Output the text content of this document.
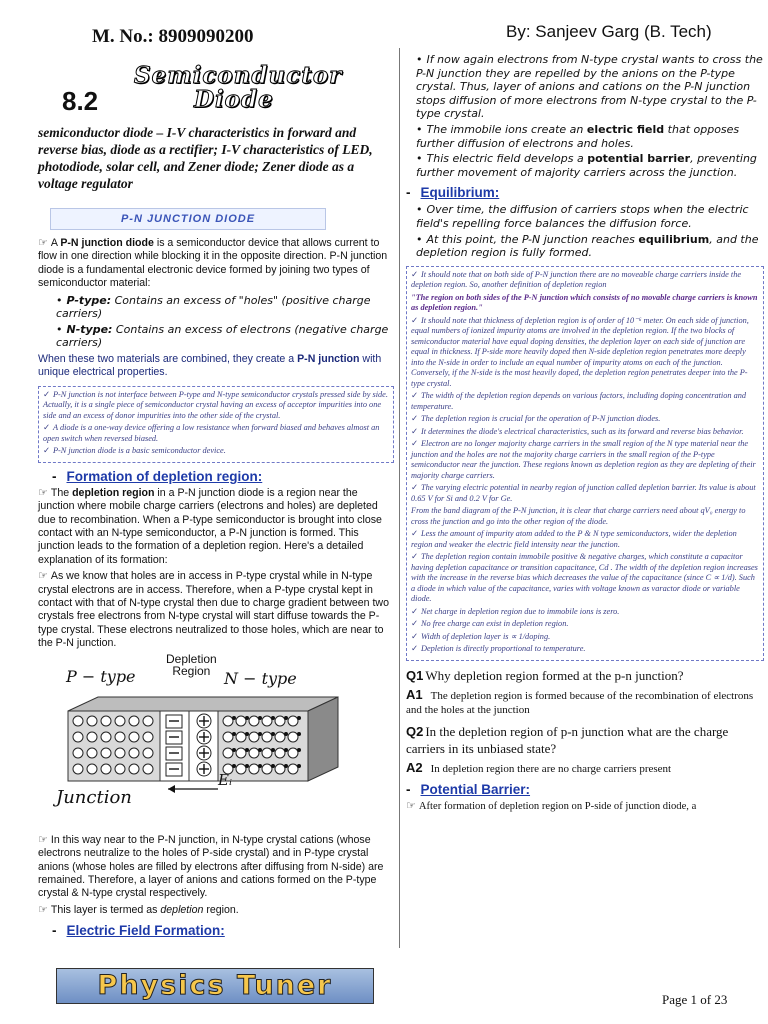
M. No.: 8909090200	By: Sanjeev Garg (B. Tech)
8.2
Semiconductor
Diode
semiconductor diode – I-V characteristics in forward and reverse bias, diode as a rectifier; I-V characteristics of LED, photodiode, solar cell, and Zener diode; Zener diode as a voltage regulator
P-N JUNCTION DIODE

☞ A P-N junction diode is a semiconductor device that allows current to flow in one direction while blocking it in the opposite direction. P-N junction diode is a fundamental electronic device formed by joining two types of semiconductor material:

• P-type: Contains an excess of "holes" (positive charge carriers)
• N-type: Contains an excess of electrons (negative charge carriers)

When these two materials are combined, they create a P-N junction with unique electrical properties.

✓ P-N junction is not interface between P-type and N-type semiconductor crystals pressed side by side. Actually, it is a single piece of semiconductor crystal having an excess of acceptor impurities into one side and an excess of donor impurities into the other side of the crystal.

✓ A diode is a one-way device offering a low resistance when forward biased and behaves almost an open switch when reversed biased.

✓ P-N junction diode is a basic semiconductor device.

- Formation of depletion region:

☞ The depletion region in a P-N junction diode is a region near the junction where mobile charge carriers (electrons and holes) are depleted due to recombination. When a P-type semiconductor is brought into close contact with an N-type semiconductor, a P-N junction is formed. This junction leads to the formation of a depletion region. Here's a detailed explanation of its formation:

☞ As we know that holes are in access in P-type crystal while in N-type crystal electrons are in access. Therefore, when a P-type crystal kept in contact with that of N-type crystal then due to charge gradient between two crystals free electrons from N-type crystal will start diffuse towards the P-type crystal. These electrons neutralized to those holes, which are near to the P-N junction.

Depletion
Region
P − type	N − type
Junction
Eᵢ

☞ In this way near to the P-N junction, in N-type crystal cations (whose electrons neutralize to the holes of P-side crystal) and in P-type crystal anions (whose holes are filled by electrons after diffusing from N-side) are remained. Therefore, a layer of anions and cations formed on the P-type crystal & N-type crystal respectively.

☞ This layer is termed as depletion region.

- Electric Field Formation:
• If now again electrons from N-type crystal wants to cross the P-N junction they are repelled by the anions on the P-type crystal. Thus, layer of anions and cations on the P-N junction stops diffusion of more electrons from N-type crystal to the P-type crystal.
• The immobile ions create an electric field that opposes further diffusion of electrons and holes.
• This electric field develops a potential barrier, preventing further movement of majority carriers across the junction.
- Equilibrium:
• Over time, the diffusion of carriers stops when the electric field's repelling force balances the diffusion force.
• At this point, the P-N junction reaches equilibrium, and the depletion region is fully formed.

✓ It should note that on both side of P-N junction there are no moveable charge carriers inside the depletion region. So, another definition of depletion region

"The region on both sides of the P-N junction which consists of no movable charge carriers is known as depletion region."

✓ It should note that thickness of depletion region is of order of 10⁻⁶ meter. On each side of junction, equal numbers of ionized impurity atoms are involved in the depletion region. If the two blocks of semiconductor material have equal doping densities, the depletion layer on each side of junction are equal in thickness. If P-side more heavily doped then N-side depletion region penetrates more deeply into the N-side in order to include an equal number of impurity atoms on each of the junction. Conversely, if the N-side is the most heavily doped, the depletion region penetrates deeper into the P-type crystal.

✓ The width of the depletion region depends on various factors, including doping concentration and temperature.

✓ The depletion region is crucial for the operation of P-N junction diodes.

✓ It determines the diode's electrical characteristics, such as its forward and reverse bias behavior.

✓ Electron are no longer majority charge carriers in the small region of the N type material near the junction and the holes are not the majority charge carriers in the small region of the P-type semiconductor near the junction. These regions known as depletion region as they are depleting of their majority charge carriers.

✓ The varying electric potential in nearby region of junction called depletion barrier. Its value is about 0.65 V for Si and 0.2 V for Ge.

From the band diagram of the P-N junction, it is clear that charge carriers need about qV₀ energy to cross the junction and go into the other region of the diode.

✓ Less the amount of impurity atom added to the P & N type semiconductors, wider the depletion region and weaker the electric field intensity near the junction.

✓ The depletion region contain immobile positive & negative charges, which constitute a capacitor having depletion capacitance or transition capacitance, Cd . The width of the depletion region increases with the increase in the reverse bias which decreases the value of the capacitance (since C ∝ 1/d). Such a diode in which value of the capacitance, varies with voltage known as varactor diode or variable diode.

✓ Net charge in depletion region due to immobile ions is zero.

✓ No free charge can exist in depletion region.

✓ Width of depletion layer is ∝ 1/doping.

✓ Depletion is directly proportional to temperature.

Q1 Why depletion region formed at the p-n junction?
A1 The depletion region is formed because of the recombination of electrons and the holes at the junction
Q2 In the depletion region of p-n junction what are the charge carriers in its unbiased state?
A2 In depletion region there are no charge carriers present
- Potential Barrier:

☞ After formation of depletion region on P-side of junction diode, a

Physics Tuner	Page 1 of 23
